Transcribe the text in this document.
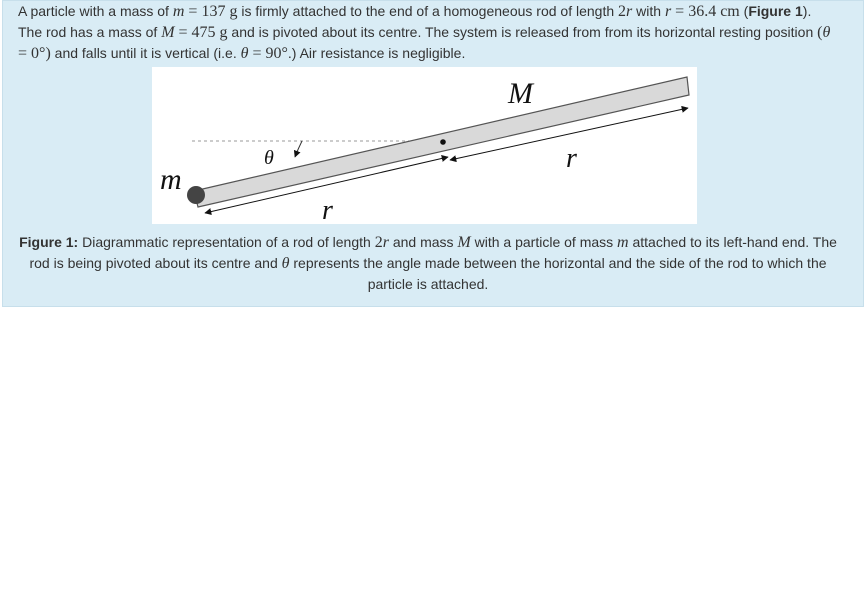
A particle with a mass of m = 137 g is firmly attached to the end of a homogeneous rod of length 2r with r = 36.4 cm (Figure 1). The rod has a mass of M = 475 g and is pivoted about its centre. The system is released from from its horizontal resting position (θ = 0°) and falls until it is vertical (i.e. θ = 90°.) Air resistance is negligible.

M
m
θ	r
r

Figure 1: Diagrammatic representation of a rod of length 2r and mass M with a particle of mass m attached to its left-hand end. The rod is being pivoted about its centre and θ represents the angle made between the horizontal and the side of the rod to which the particle is attached.
